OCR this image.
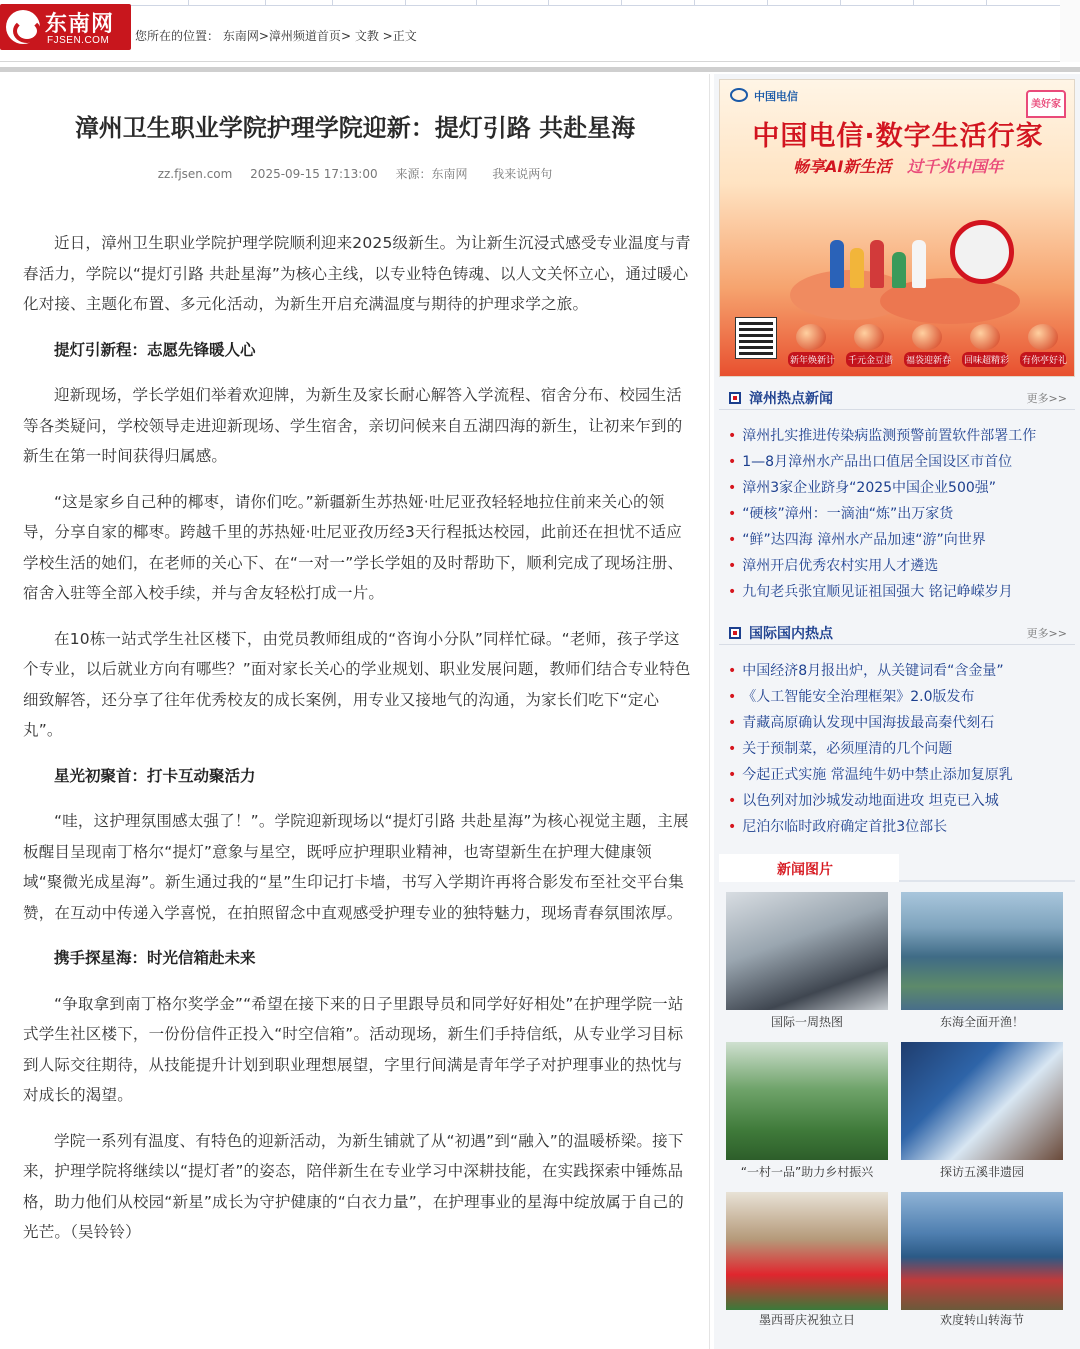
东南网
FJSEN.COM 您所在的位置： 东南网>漳州频道首页> 文教 >正文
漳州卫生职业学院护理学院迎新：提灯引路 共赴星海
zz.fjsen.com 2025-09-15 17:13:00 来源：东南网 我来说两句

近日，漳州卫生职业学院护理学院顺利迎来2025级新生。为让新生沉浸式感受专业温度与青春活力，学院以“提灯引路 共赴星海”为核心主线，以专业特色铸魂、以人文关怀立心，通过暖心化对接、主题化布置、多元化活动，为新生开启充满温度与期待的护理求学之旅。

提灯引新程：志愿先锋暖人心

迎新现场，学长学姐们举着欢迎牌，为新生及家长耐心解答入学流程、宿舍分布、校园生活等各类疑问，学校领导走进迎新现场、学生宿舍，亲切问候来自五湖四海的新生，让初来乍到的新生在第一时间获得归属感。

“这是家乡自己种的椰枣，请你们吃。”新疆新生苏热娅·吐尼亚孜轻轻地拉住前来关心的领导，分享自家的椰枣。跨越千里的苏热娅·吐尼亚孜历经3天行程抵达校园，此前还在担忧不适应学校生活的她们，在老师的关心下、在“一对一”学长学姐的及时帮助下，顺利完成了现场注册、宿舍入驻等全部入校手续，并与舍友轻松打成一片。

在10栋一站式学生社区楼下，由党员教师组成的“咨询小分队”同样忙碌。“老师，孩子学这个专业，以后就业方向有哪些？”面对家长关心的学业规划、职业发展问题，教师们结合专业特色细致解答，还分享了往年优秀校友的成长案例，用专业又接地气的沟通，为家长们吃下“定心丸”。

星光初聚首：打卡互动聚活力

“哇，这护理氛围感太强了！”。学院迎新现场以“提灯引路 共赴星海”为核心视觉主题，主展板醒目呈现南丁格尔“提灯”意象与星空，既呼应护理职业精神，也寄望新生在护理大健康领域“聚微光成星海”。新生通过我的“星”生印记打卡墙，书写入学期许再将合影发布至社交平台集赞，在互动中传递入学喜悦，在拍照留念中直观感受护理专业的独特魅力，现场青春氛围浓厚。

携手探星海：时光信箱赴未来

“争取拿到南丁格尔奖学金”“希望在接下来的日子里跟导员和同学好好相处”在护理学院一站式学生社区楼下，一份份信件正投入“时空信箱”。活动现场，新生们手持信纸，从专业学习目标到人际交往期待，从技能提升计划到职业理想展望，字里行间满是青年学子对护理事业的热忱与对成长的渴望。

学院一系列有温度、有特色的迎新活动，为新生铺就了从“初遇”到“融入”的温暖桥梁。接下来，护理学院将继续以“提灯者”的姿态，陪伴新生在专业学习中深耕技能，在实践探索中锤炼品格，助力他们从校园“新星”成长为守护健康的“白衣力量”，在护理事业的星海中绽放属于自己的光芒。（吴铃铃）

中国电信
美好家
中国电信·数字生活行家
畅享AI新生活 过千兆中国年
新年焕新计 千元金豆谱 福袋迎新春 回味超精彩 有你亭好礼
漳州热点新闻	更多>>
• 漳州扎实推进传染病监测预警前置软件部署工作
• 1—8月漳州水产品出口值居全国设区市首位
• 漳州3家企业跻身“2025中国企业500强”
• “硬核”漳州：一滴油“炼”出万家货
• “鲜”达四海 漳州水产品加速“游”向世界
• 漳州开启优秀农村实用人才遴选
• 九旬老兵张宜顺见证祖国强大 铭记峥嵘岁月
国际国内热点	更多>>
• 中国经济8月报出炉，从关键词看“含金量”
• 《人工智能安全治理框架》2.0版发布
• 青藏高原确认发现中国海拔最高秦代刻石
• 关于预制菜，必须厘清的几个问题
• 今起正式实施 常温纯牛奶中禁止添加复原乳
• 以色列对加沙城发动地面进攻 坦克已入城
• 尼泊尔临时政府确定首批3位部长
新闻图片
国际一周热图	东海全面开渔！
“一村一品”助力乡村振兴	探访五溪非遗园
墨西哥庆祝独立日	欢度转山转海节
